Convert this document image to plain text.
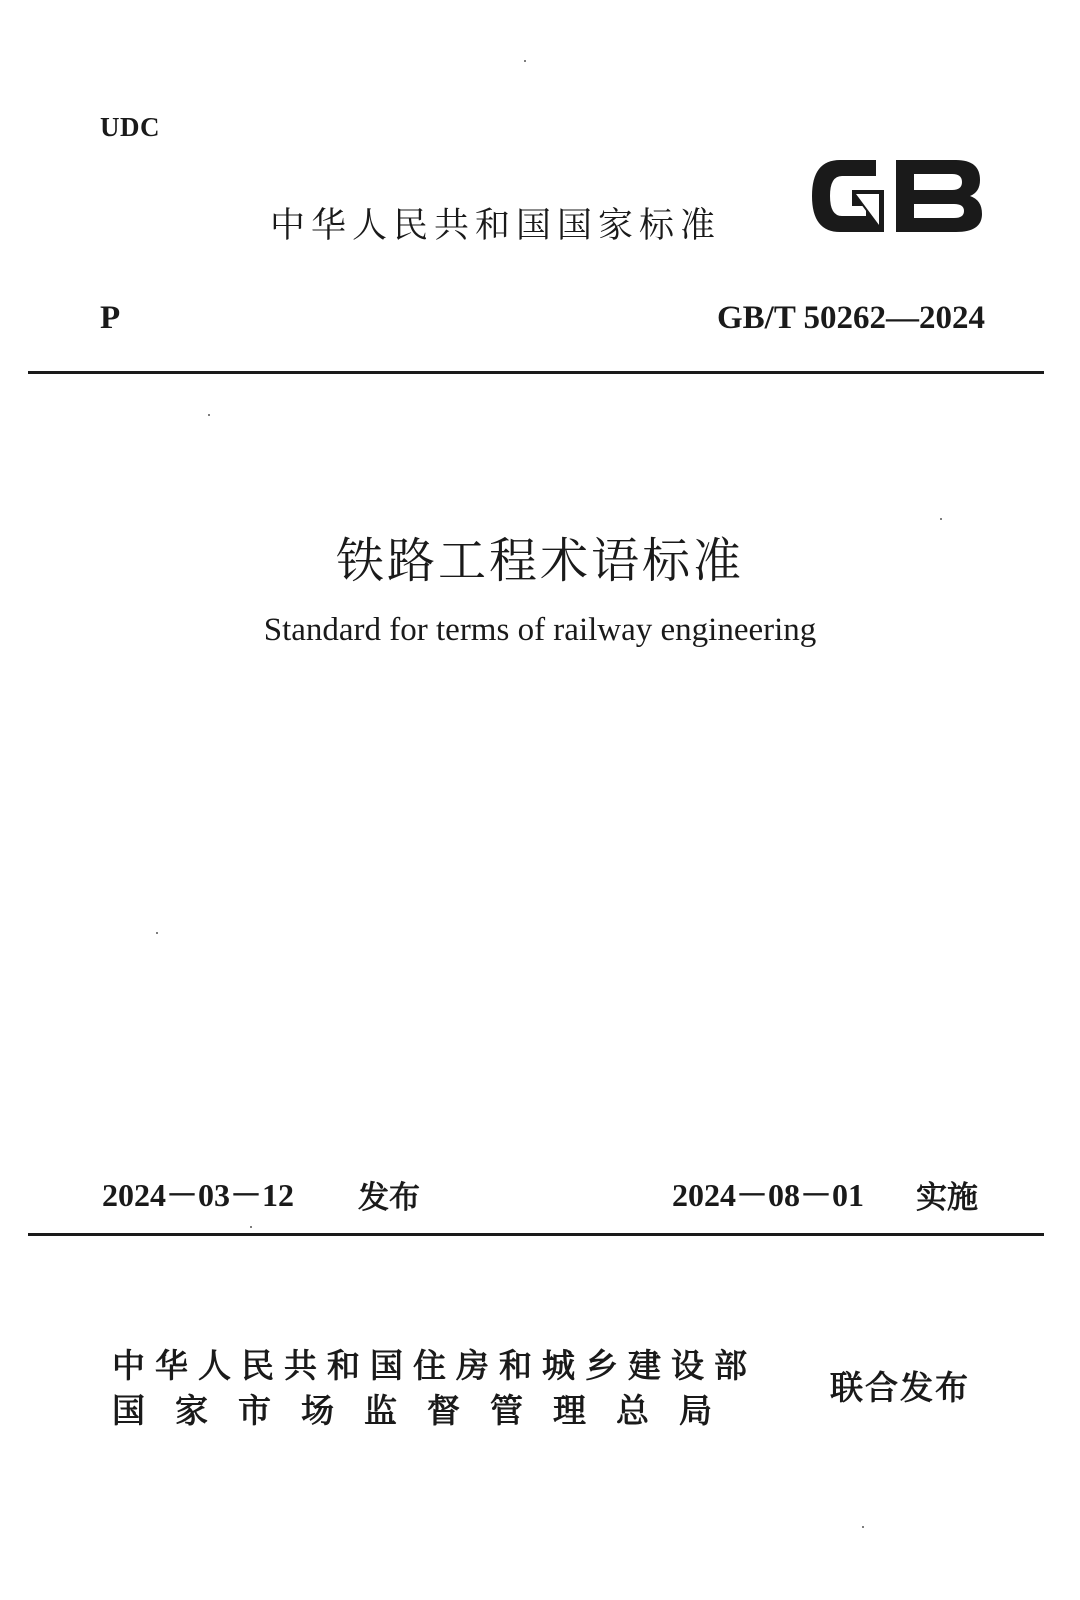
UDC
中华人民共和国国家标准
P	GB/T 50262—2024
铁路工程术语标准
Standard for terms of railway engineering
2024－03－12 发布	2024－08－01 实施
中华人民共和国住房和城乡建设部
国家市场监督管理总局
联合发布
